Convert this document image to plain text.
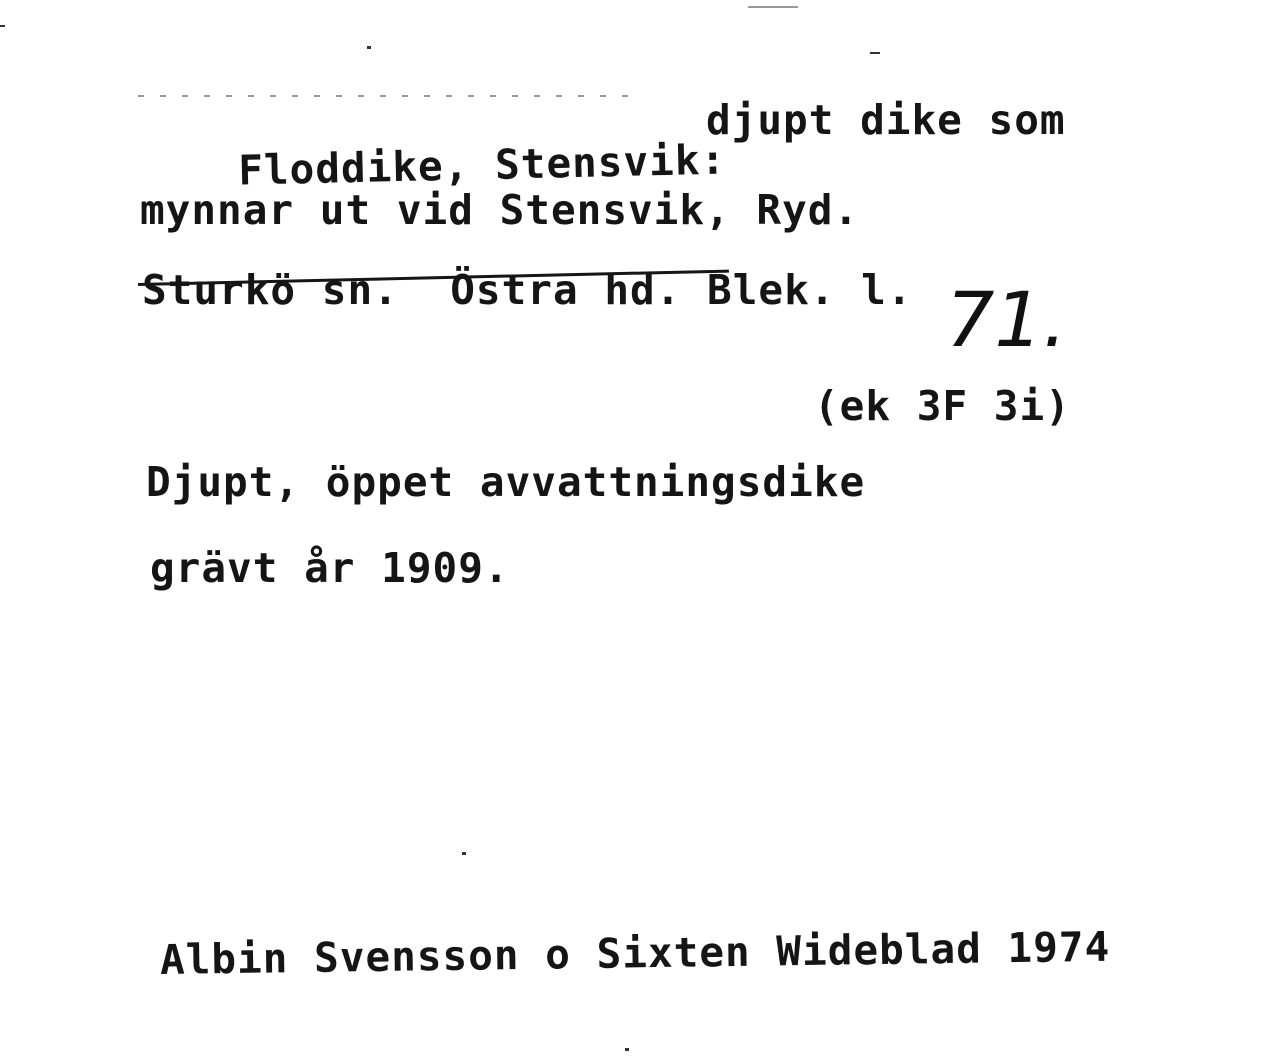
Floddike, Stensvik:

djupt dike som
mynnar ut vid Stensvik, Ryd.
Sturkö sn.  Östra hd. Blek. l. 71.
(ek 3F 3i)
Djupt, öppet avvattningsdike
grävt år 1909.
Albin Svensson o Sixten Wideblad 1974
